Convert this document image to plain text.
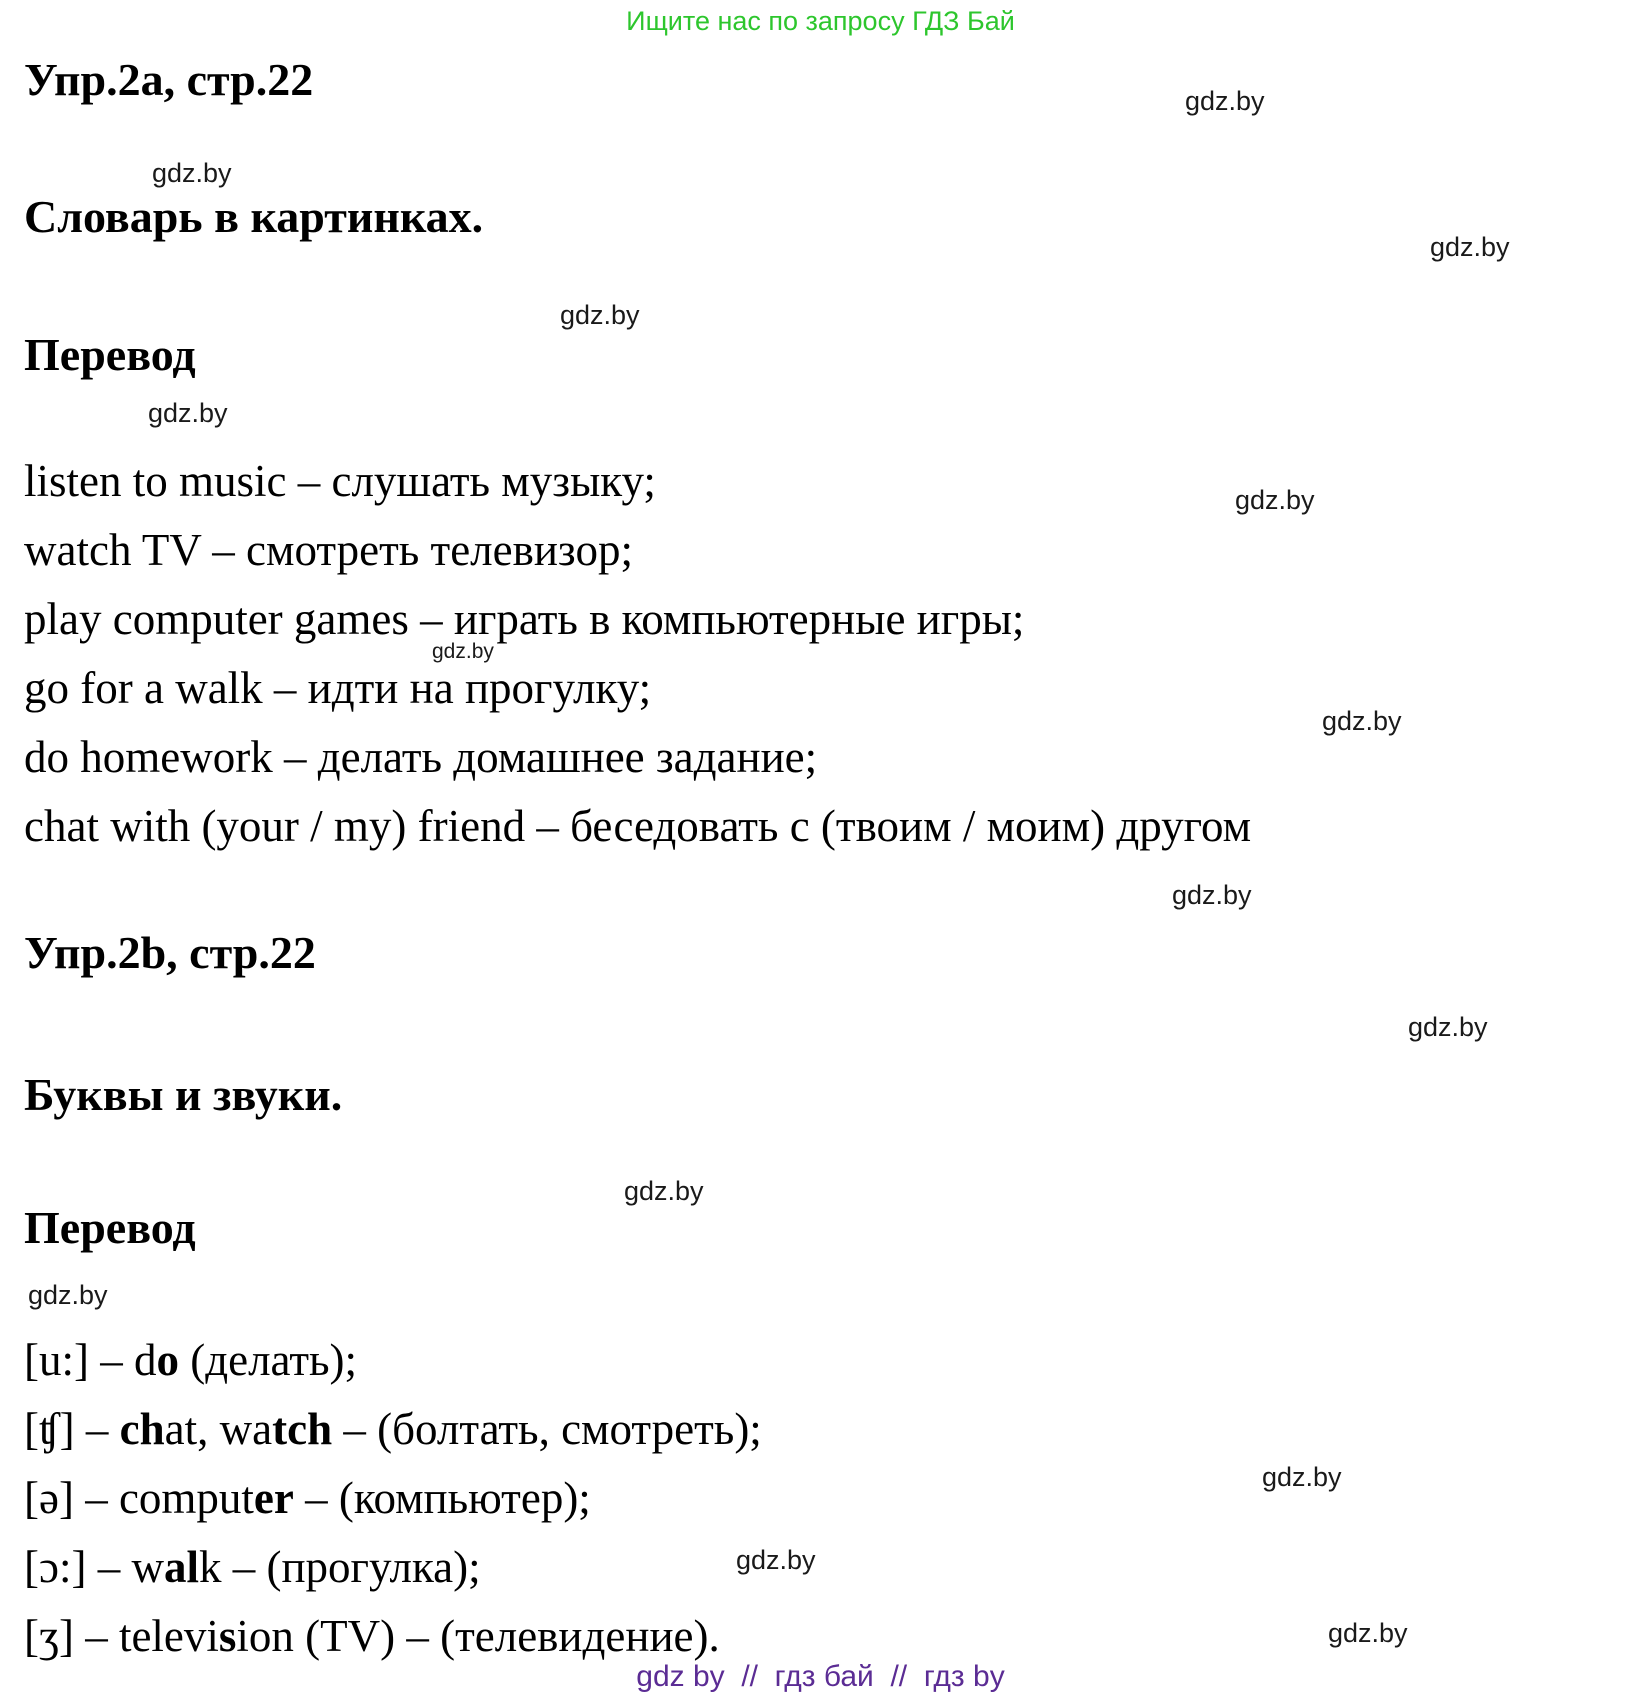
Ищите нас по запросу ГДЗ Бай
Упр.2a, стр.22
Словарь в картинках.
Перевод
listen to music – слушать музыку;
watch TV – смотреть телевизор;
play computer games – играть в компьютерные игры;
go for a walk – идти на прогулку;
do homework – делать домашнее задание;
chat with (your / my) friend – беседовать с (твоим / моим) другом
Упр.2b, стр.22
Буквы и звуки.
Перевод
[u:] – do (делать);
[ʧ] – chat, watch – (болтать, смотреть);
[ə] – computer – (компьютер);
[ɔ:] – walk – (прогулка);
[ʒ] – television (TV) – (телевидение).
gdz.by
gdz.by
gdz.by
gdz.by
gdz.by
gdz.by
gdz.by
gdz.by
gdz.by
gdz.by
gdz.by
gdz.by
gdz.by
gdz.by
gdz.by
gdz by  //  гдз бай  //  гдз by
